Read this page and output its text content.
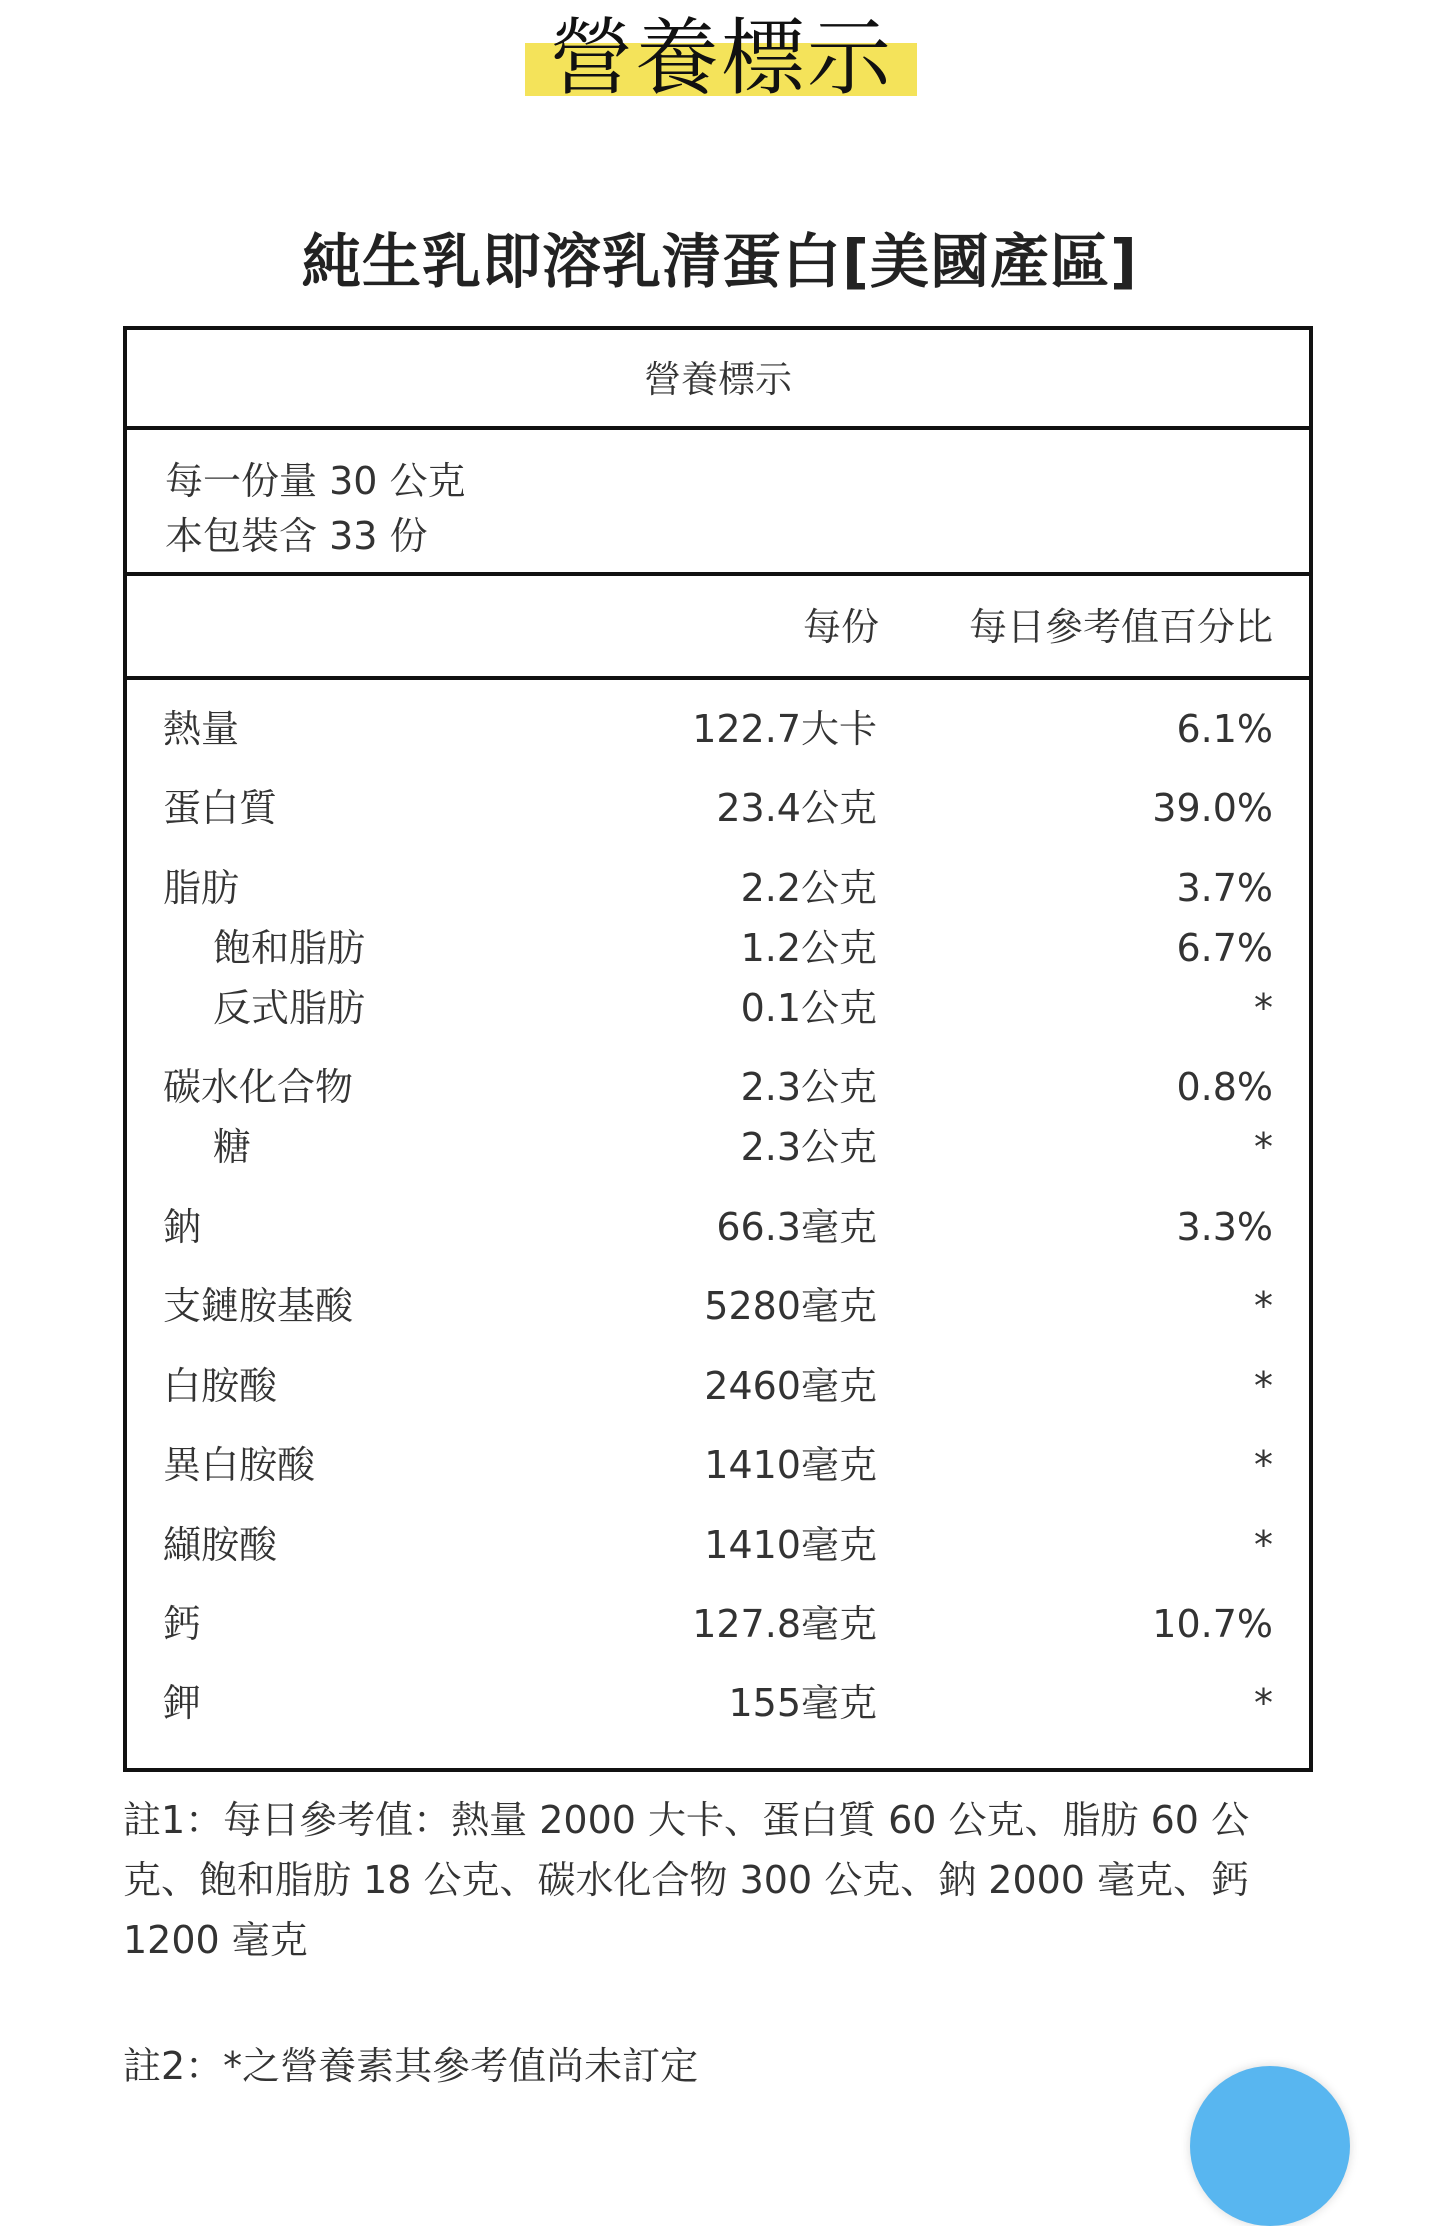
營養標示
純生乳即溶乳清蛋白[美國產區]
營養標示
每一份量 30 公克
本包裝含 33 份
每份 每日參考值百分比
熱量	122.7大卡	6.1%
蛋白質	23.4公克	39.0%
脂肪	2.2公克	3.7%
飽和脂肪	1.2公克	6.7%
反式脂肪	0.1公克	*
碳水化合物	2.3公克	0.8%
糖	2.3公克	*
鈉	66.3毫克	3.3%
支鏈胺基酸	5280毫克	*
白胺酸	2460毫克	*
異白胺酸	1410毫克	*
纈胺酸	1410毫克	*
鈣	127.8毫克	10.7%
鉀	155毫克	*
註1：每日參考值：熱量 2000 大卡、蛋白質 60 公克、脂肪 60 公克、飽和脂肪 18 公克、碳水化合物 300 公克、鈉 2000 毫克、鈣 1200 毫克
註2：*之營養素其參考值尚未訂定
